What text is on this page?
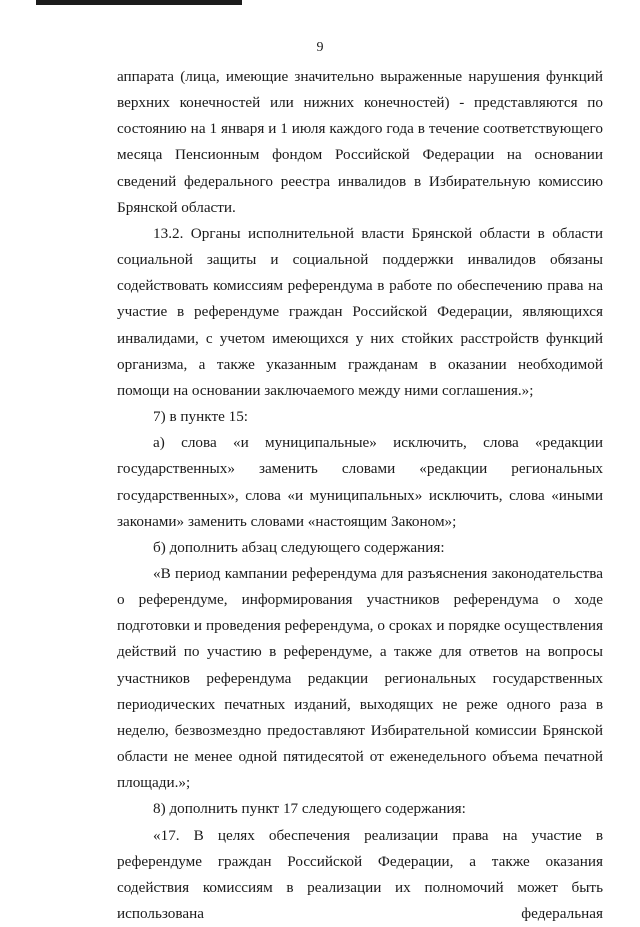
9

аппарата (лица, имеющие значительно выраженные нарушения функций верхних конечностей или нижних конечностей) - представляются по состоянию на 1 января и 1 июля каждого года в течение соответствующего месяца Пенсионным фондом Российской Федерации на основании сведений федерального реестра инвалидов в Избирательную комиссию Брянской области.

13.2. Органы исполнительной власти Брянской области в области социальной защиты и социальной поддержки инвалидов обязаны содействовать комиссиям референдума в работе по обеспечению права на участие в референдуме граждан Российской Федерации, являющихся инвалидами, с учетом имеющихся у них стойких расстройств функций организма, а также указанным гражданам в оказании необходимой помощи на основании заключаемого между ними соглашения.»;

7) в пункте 15:

а) слова «и муниципальные» исключить, слова «редакции государственных» заменить словами «редакции региональных государственных», слова «и муниципальных» исключить, слова «иными законами» заменить словами «настоящим Законом»;

б) дополнить абзац следующего содержания:

«В период кампании референдума для разъяснения законодательства о референдуме, информирования участников референдума о ходе подготовки и проведения референдума, о сроках и порядке осуществления действий по участию в референдуме, а также для ответов на вопросы участников референдума редакции региональных государственных периодических печатных изданий, выходящих не реже одного раза в неделю, безвозмездно предоставляют Избирательной комиссии Брянской области не менее одной пятидесятой от еженедельного объема печатной площади.»;

8) дополнить пункт 17 следующего содержания:

«17. В целях обеспечения реализации права на участие в референдуме граждан Российской Федерации, а также оказания содействия комиссиям в реализации их полномочий может быть использована федеральная
